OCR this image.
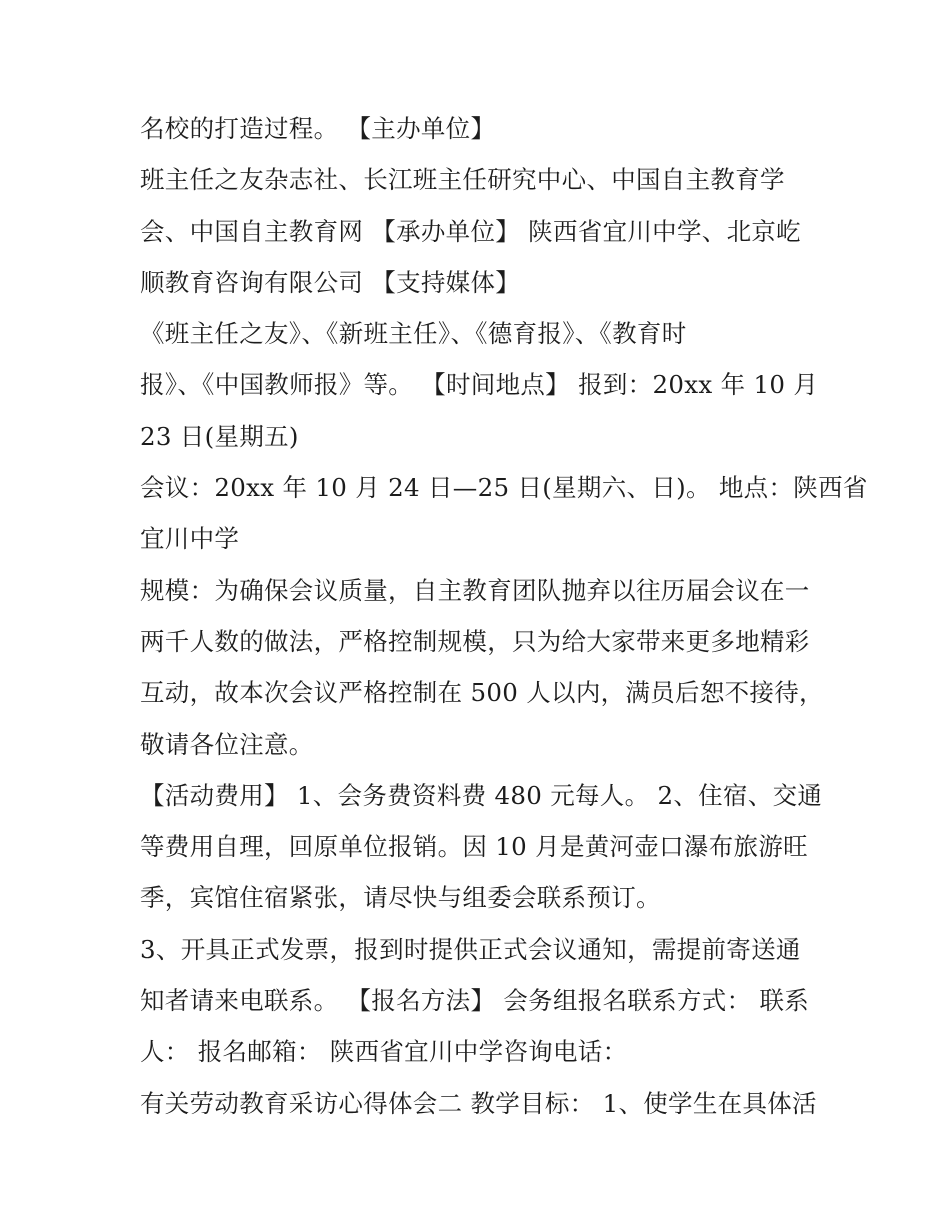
名校的打造过程。 【主办单位】
班主任之友杂志社、长江班主任研究中心、中国自主教育学
会、中国自主教育网 【承办单位】 陕西省宜川中学、北京屹
顺教育咨询有限公司 【支持媒体】
《班主任之友》、《新班主任》、《德育报》、《教育时
报》、《中国教师报》等。 【时间地点】 报到：20xx 年 10 月
23 日(星期五)
会议：20xx 年 10 月 24 日—25 日(星期六、日)。 地点：陕西省
宜川中学
规模：为确保会议质量，自主教育团队抛弃以往历届会议在一
两千人数的做法，严格控制规模，只为给大家带来更多地精彩
互动，故本次会议严格控制在 500 人以内，满员后恕不接待，
敬请各位注意。
【活动费用】 1、会务费资料费 480 元每人。 2、住宿、交通
等费用自理，回原单位报销。因 10 月是黄河壶口瀑布旅游旺
季，宾馆住宿紧张，请尽快与组委会联系预订。
3、开具正式发票，报到时提供正式会议通知，需提前寄送通
知者请来电联系。 【报名方法】 会务组报名联系方式： 联系
人： 报名邮箱： 陕西省宜川中学咨询电话：
有关劳动教育采访心得体会二 教学目标： 1、使学生在具体活
